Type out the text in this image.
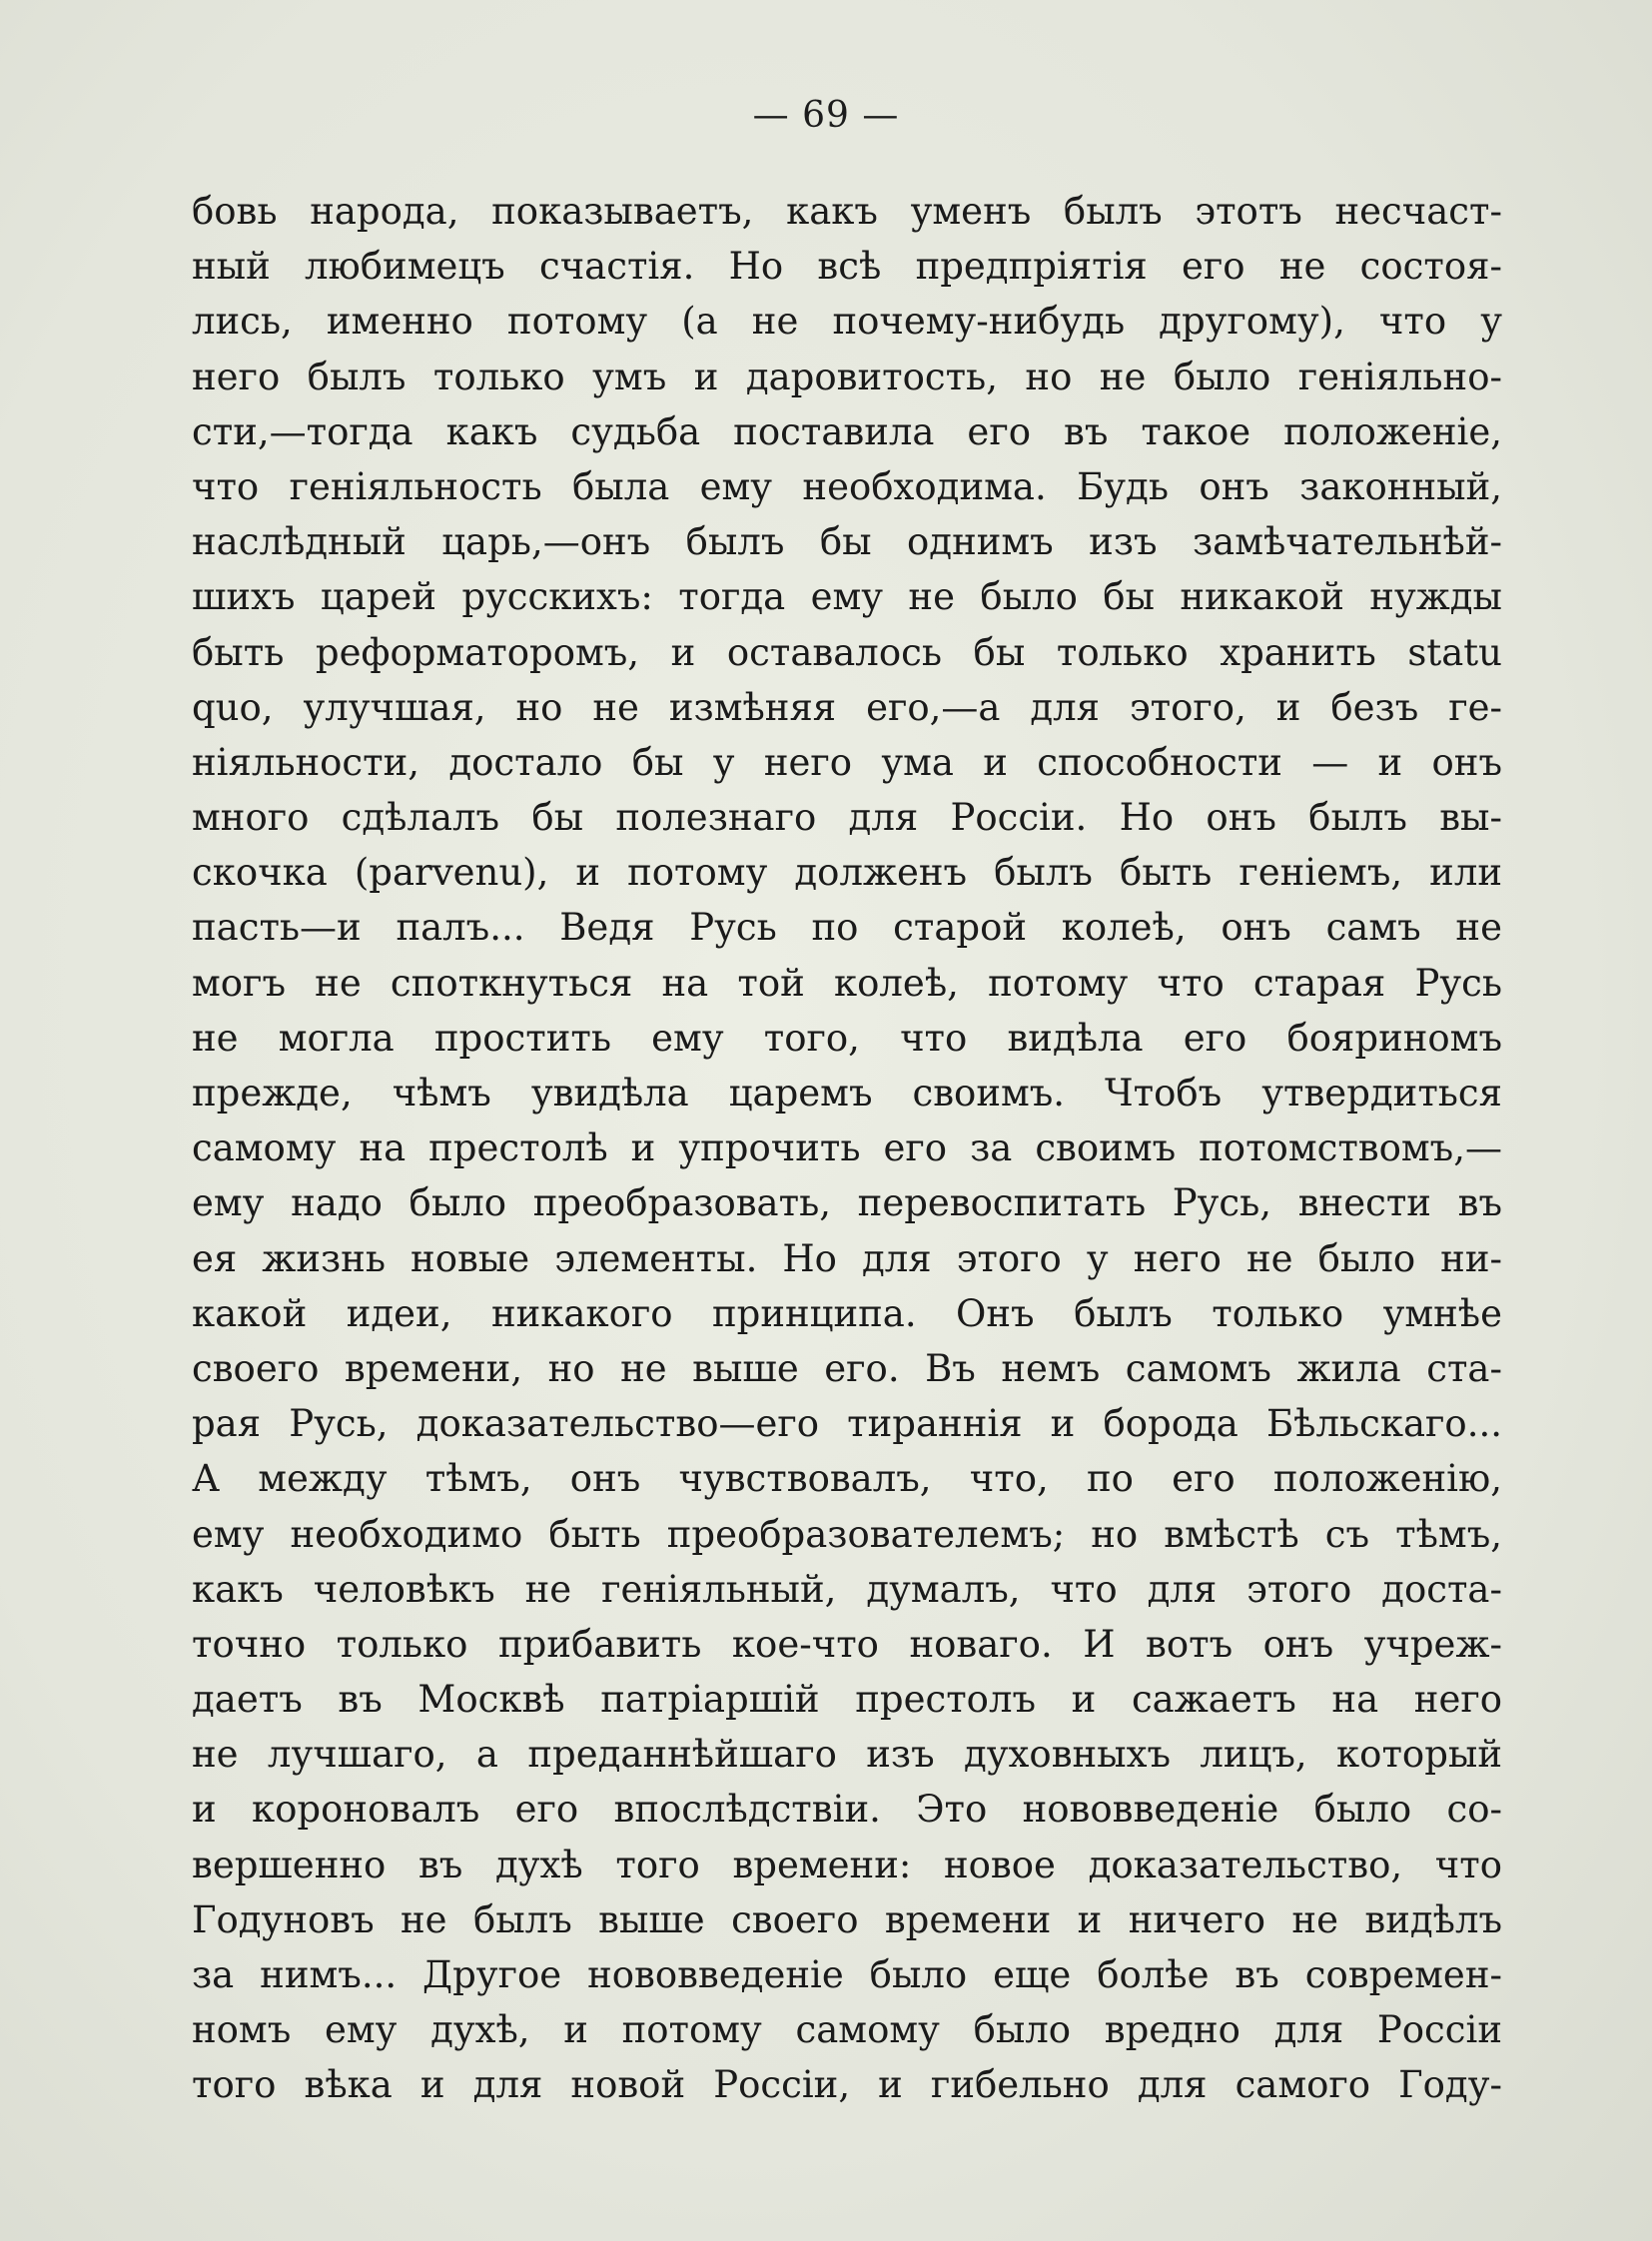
— 69 —
бовь народа, показываетъ, какъ уменъ былъ этотъ несчаст-
ный любимецъ счастія. Но всѣ предпріятія его не состоя-
лись, именно потому (а не почему-нибудь другому), что у
него былъ только умъ и даровитость, но не было геніяльно-
сти,—тогда какъ судьба поставила его въ такое положеніе,
что геніяльность была ему необходима. Будь онъ законный,
наслѣдный царь,—онъ былъ бы однимъ изъ замѣчательнѣй-
шихъ царей русскихъ: тогда ему не было бы никакой нужды
быть реформаторомъ, и оставалось бы только хранить statu
quo, улучшая, но не измѣняя его,—а для этого, и безъ ге-
ніяльности, достало бы у него ума и способности — и онъ
много сдѣлалъ бы полезнаго для Россіи. Но онъ былъ вы-
скочка (parvenu), и потому долженъ былъ быть геніемъ, или
пасть—и палъ... Ведя Русь по старой колеѣ, онъ самъ не
могъ не споткнуться на той колеѣ, потому что старая Русь
не могла простить ему того, что видѣла его бояриномъ
прежде, чѣмъ увидѣла царемъ своимъ. Чтобъ утвердиться
самому на престолѣ и упрочить его за своимъ потомствомъ,—
ему надо было преобразовать, перевоспитать Русь, внести въ
ея жизнь новые элементы. Но для этого у него не было ни-
какой идеи, никакого принципа. Онъ былъ только умнѣе
своего времени, но не выше его. Въ немъ самомъ жила ста-
рая Русь, доказательство—его тираннія и борода Бѣльскаго...
А между тѣмъ, онъ чувствовалъ, что, по его положенію,
ему необходимо быть преобразователемъ; но вмѣстѣ съ тѣмъ,
какъ человѣкъ не геніяльный, думалъ, что для этого доста-
точно только прибавить кое-что новаго. И вотъ онъ учреж-
даетъ въ Москвѣ патріаршій престолъ и сажаетъ на него
не лучшаго, а преданнѣйшаго изъ духовныхъ лицъ, который
и короновалъ его впослѣдствіи. Это нововведеніе было со-
вершенно въ духѣ того времени: новое доказательство, что
Годуновъ не былъ выше своего времени и ничего не видѣлъ
за нимъ... Другое нововведеніе было еще болѣе въ современ-
номъ ему духѣ, и потому самому было вредно для Россіи
того вѣка и для новой Россіи, и гибельно для самого Году-
